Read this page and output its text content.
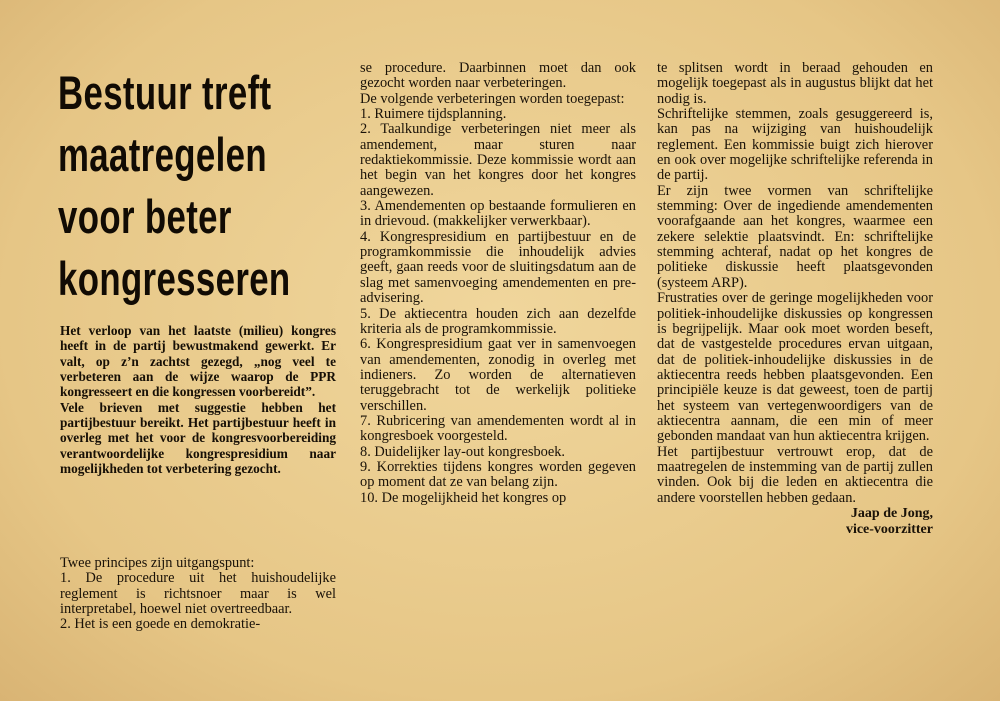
Bestuur treft
maatregelen
voor beter
kongresseren

Het verloop van het laatste (milieu) kongres heeft in de partij bewustmakend gewerkt. Er valt, op z’n zachtst gezegd, „nog veel te verbeteren aan de wijze waarop de PPR kongresseert en die kongressen voorbereidt”.

Vele brieven met suggestie hebben het partijbestuur bereikt. Het partijbestuur heeft in overleg met het voor de kongresvoorbereiding verantwoordelijke kongrespresidium naar mogelijkheden tot verbetering gezocht.

Twee principes zijn uitgangspunt:

1. De procedure uit het huishoudelijke reglement is richtsnoer maar is wel interpretabel, hoewel niet overtreedbaar.

2. Het is een goede en demokratie-

se procedure. Daarbinnen moet dan ook gezocht worden naar verbeteringen.

De volgende verbeteringen worden toegepast:

1. Ruimere tijdsplanning.

2. Taalkundige verbeteringen niet meer als amendement, maar sturen naar redaktiekommissie. Deze kommissie wordt aan het begin van het kongres door het kongres aangewezen.

3. Amendementen op bestaande formulieren en in drievoud. (makkelijker verwerkbaar).

4. Kongrespresidium en partijbestuur en de programkommissie die inhoudelijk advies geeft, gaan reeds voor de sluitingsdatum aan de slag met samenvoeging amendementen en pre-advisering.

5. De aktiecentra houden zich aan dezelfde kriteria als de programkommissie.

6. Kongrespresidium gaat ver in samenvoegen van amendementen, zonodig in overleg met indieners. Zo worden de alternatieven teruggebracht tot de werkelijk politieke verschillen.

7. Rubricering van amendementen wordt al in kongresboek voorgesteld.

8. Duidelijker lay-out kongresboek.

9. Korrekties tijdens kongres worden gegeven op moment dat ze van belang zijn.

10. De mogelijkheid het kongres op

te splitsen wordt in beraad gehouden en mogelijk toegepast als in augustus blijkt dat het nodig is.

Schriftelijke stemmen, zoals gesuggereerd is, kan pas na wijziging van huishoudelijk reglement. Een kommissie buigt zich hierover en ook over mogelijke schriftelijke referenda in de partij.

Er zijn twee vormen van schriftelijke stemming: Over de ingediende amendementen voorafgaande aan het kongres, waarmee een zekere selektie plaatsvindt. En: schriftelijke stemming achteraf, nadat op het kongres de politieke diskussie heeft plaatsgevonden (systeem ARP).

Frustraties over de geringe mogelijkheden voor politiek-inhoudelijke diskussies op kongressen is begrijpelijk. Maar ook moet worden beseft, dat de vastgestelde procedures ervan uitgaan, dat de politiek-inhoudelijke diskussies in de aktiecentra reeds hebben plaatsgevonden. Een principiële keuze is dat geweest, toen de partij het systeem van vertegenwoordigers van de aktiecentra aannam, die een min of meer gebonden mandaat van hun aktiecentra krijgen.

Het partijbestuur vertrouwt erop, dat de maatregelen de instemming van de partij zullen vinden. Ook bij die leden en aktiecentra die andere voorstellen hebben gedaan.

Jaap de Jong,

vice-voorzitter
